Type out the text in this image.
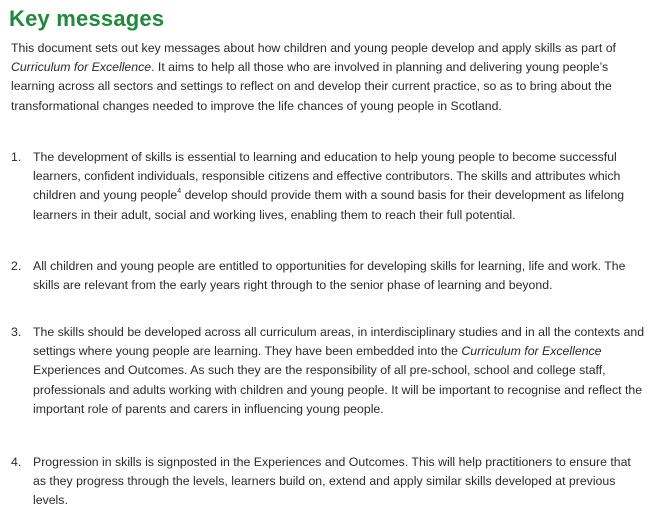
Key messages

This document sets out key messages about how children and young people develop and apply skills as part of Curriculum for Excellence. It aims to help all those who are involved in planning and delivering young people’s learning across all sectors and settings to reflect on and develop their current practice, so as to bring about the transformational changes needed to improve the life chances of young people in Scotland.

1. The development of skills is essential to learning and education to help young people to become successful learners, confident individuals, responsible citizens and effective contributors. The skills and attributes which children and young people$^4$ develop should provide them with a sound basis for their development as lifelong learners in their adult, social and working lives, enabling them to reach their full potential.
2. All children and young people are entitled to opportunities for developing skills for learning, life and work. The skills are relevant from the early years right through to the senior phase of learning and beyond.
3. The skills should be developed across all curriculum areas, in interdisciplinary studies and in all the contexts and settings where young people are learning. They have been embedded into the Curriculum for Excellence Experiences and Outcomes. As such they are the responsibility of all pre-school, school and college staff, professionals and adults working with children and young people. It will be important to recognise and reflect the important role of parents and carers in influencing young people.
4. Progression in skills is signposted in the Experiences and Outcomes. This will help practitioners to ensure that as they progress through the levels, learners build on, extend and apply similar skills developed at previous levels.
